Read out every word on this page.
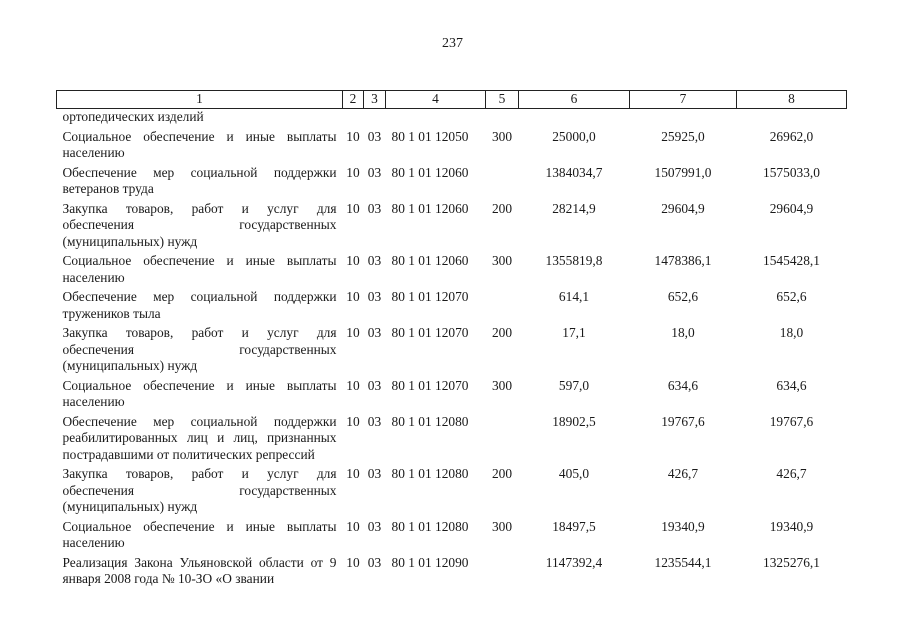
237
1	2	3	4	5	6	7	8
ортопедических изделий							
Социальное обеспечение и иные выплаты населению	10	03	80 1 01 12050	300	25000,0	25925,0	26962,0
Обеспечение мер социальной поддержки ветеранов труда	10	03	80 1 01 12060		1384034,7	1507991,0	1575033,0
Закупка товаров, работ и услуг для обеспечения государственных (муниципальных) нужд	10	03	80 1 01 12060	200	28214,9	29604,9	29604,9
Социальное обеспечение и иные выплаты населению	10	03	80 1 01 12060	300	1355819,8	1478386,1	1545428,1
Обеспечение мер социальной поддержки тружеников тыла	10	03	80 1 01 12070		614,1	652,6	652,6
Закупка товаров, работ и услуг для обеспечения государственных (муниципальных) нужд	10	03	80 1 01 12070	200	17,1	18,0	18,0
Социальное обеспечение и иные выплаты населению	10	03	80 1 01 12070	300	597,0	634,6	634,6
Обеспечение мер социальной поддержки реабилитированных лиц и лиц, признанных пострадавшими от политических репрессий	10	03	80 1 01 12080		18902,5	19767,6	19767,6
Закупка товаров, работ и услуг для обеспечения государственных (муниципальных) нужд	10	03	80 1 01 12080	200	405,0	426,7	426,7
Социальное обеспечение и иные выплаты населению	10	03	80 1 01 12080	300	18497,5	19340,9	19340,9
Реализация Закона Ульяновской области от 9 января 2008 года № 10-ЗО «О звании	10	03	80 1 01 12090		1147392,4	1235544,1	1325276,1
